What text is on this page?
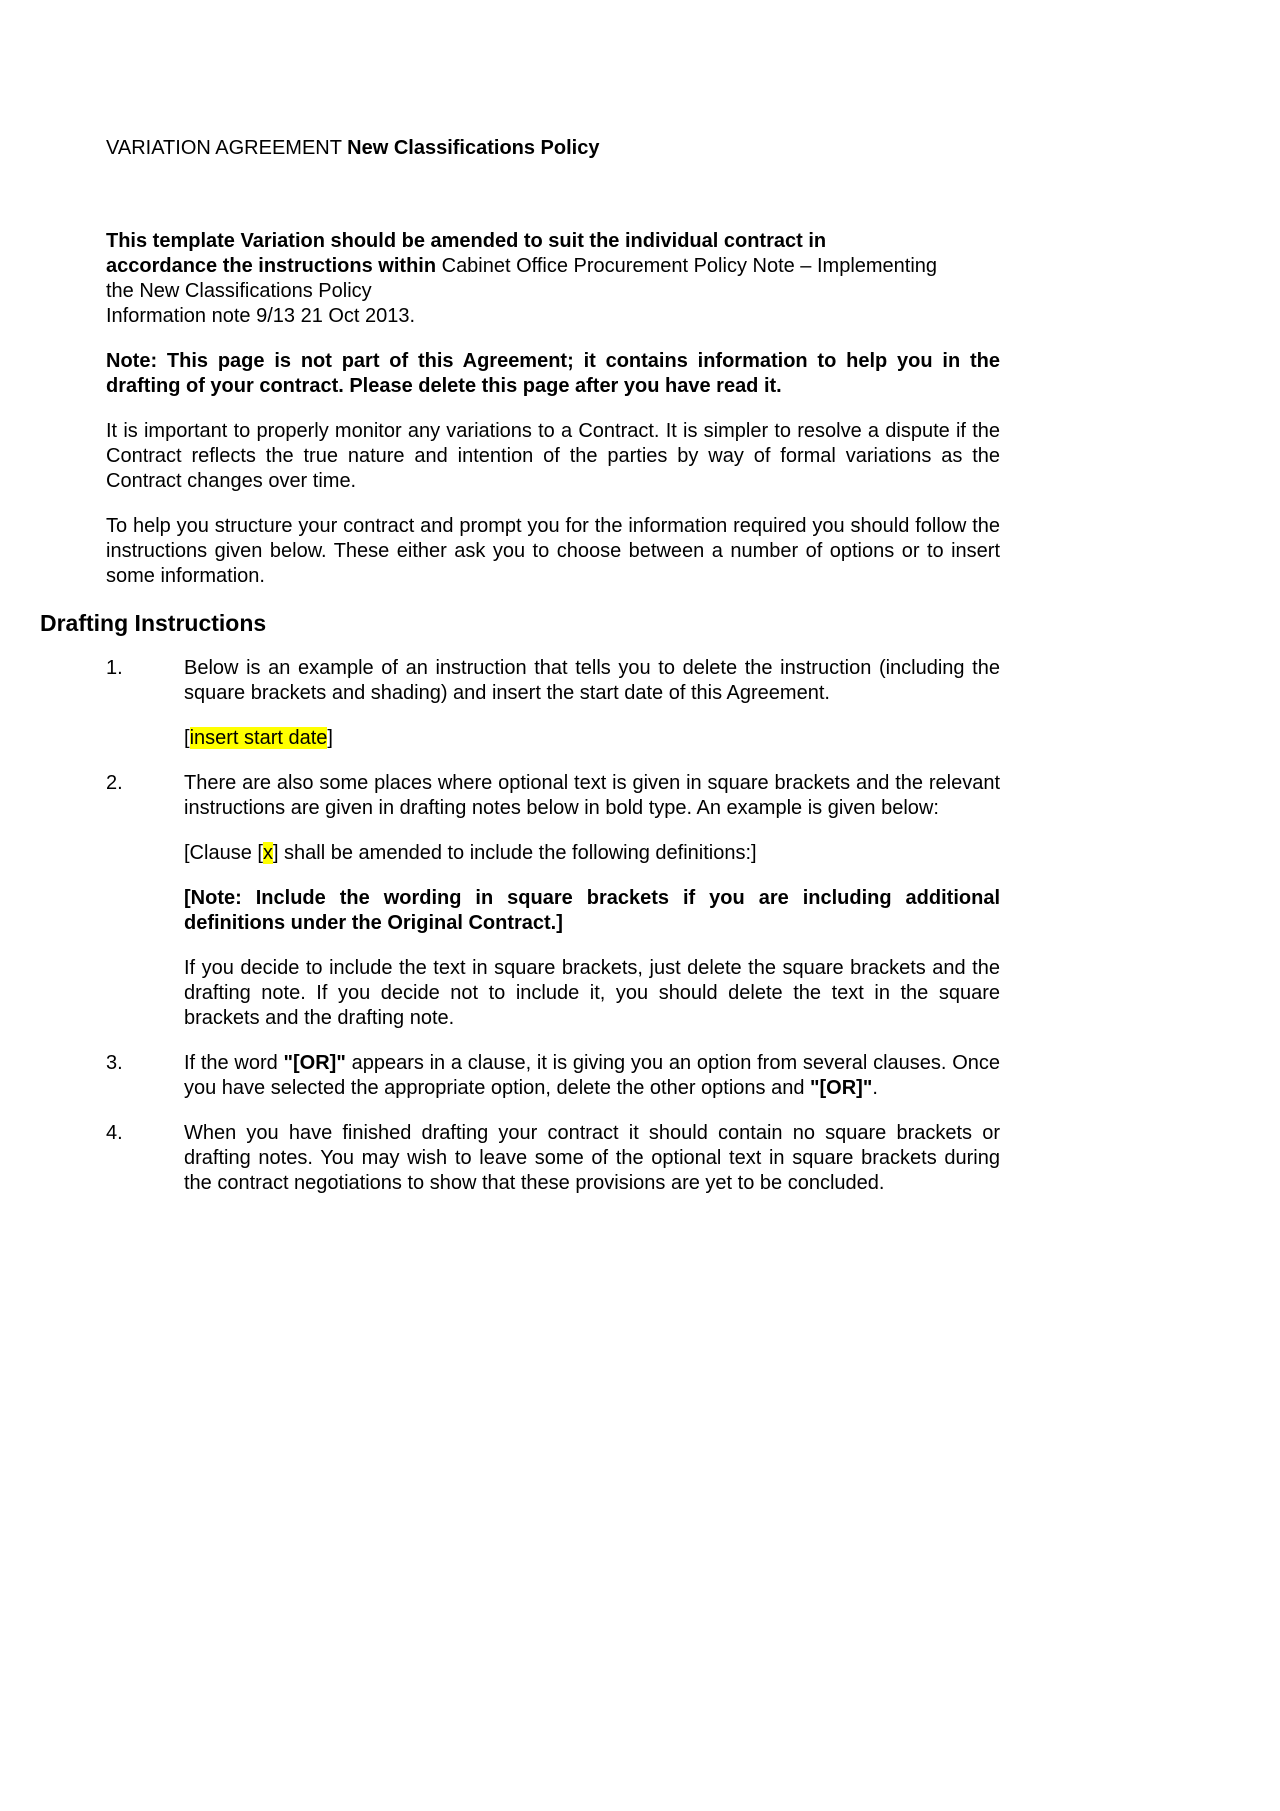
VARIATION AGREEMENT New Classifications Policy

This template Variation should be amended to suit the individual contract in
accordance the instructions within Cabinet Office Procurement Policy Note – Implementing
the New Classifications Policy
Information note 9/13 21 Oct 2013.

Note: This page is not part of this Agreement; it contains information to help you in the drafting of your contract. Please delete this page after you have read it.

It is important to properly monitor any variations to a Contract. It is simpler to resolve a dispute if the Contract reflects the true nature and intention of the parties by way of formal variations as the Contract changes over time.

To help you structure your contract and prompt you for the information required you should follow the instructions given below. These either ask you to choose between a number of options or to insert some information.

Drafting Instructions
1.	Below is an example of an instruction that tells you to delete the instruction (including the square brackets and shading) and insert the start date of this Agreement.

[insert start date]

2.	There are also some places where optional text is given in square brackets and the relevant instructions are given in drafting notes below in bold type. An example is given below:

[Clause [x] shall be amended to include the following definitions:]

[Note: Include the wording in square brackets if you are including additional definitions under the Original Contract.]

If you decide to include the text in square brackets, just delete the square brackets and the drafting note. If you decide not to include it, you should delete the text in the square brackets and the drafting note.

3.	If the word "[OR]" appears in a clause, it is giving you an option from several clauses. Once you have selected the appropriate option, delete the other options and "[OR]".

4.	When you have finished drafting your contract it should contain no square brackets or drafting notes. You may wish to leave some of the optional text in square brackets during the contract negotiations to show that these provisions are yet to be concluded.
